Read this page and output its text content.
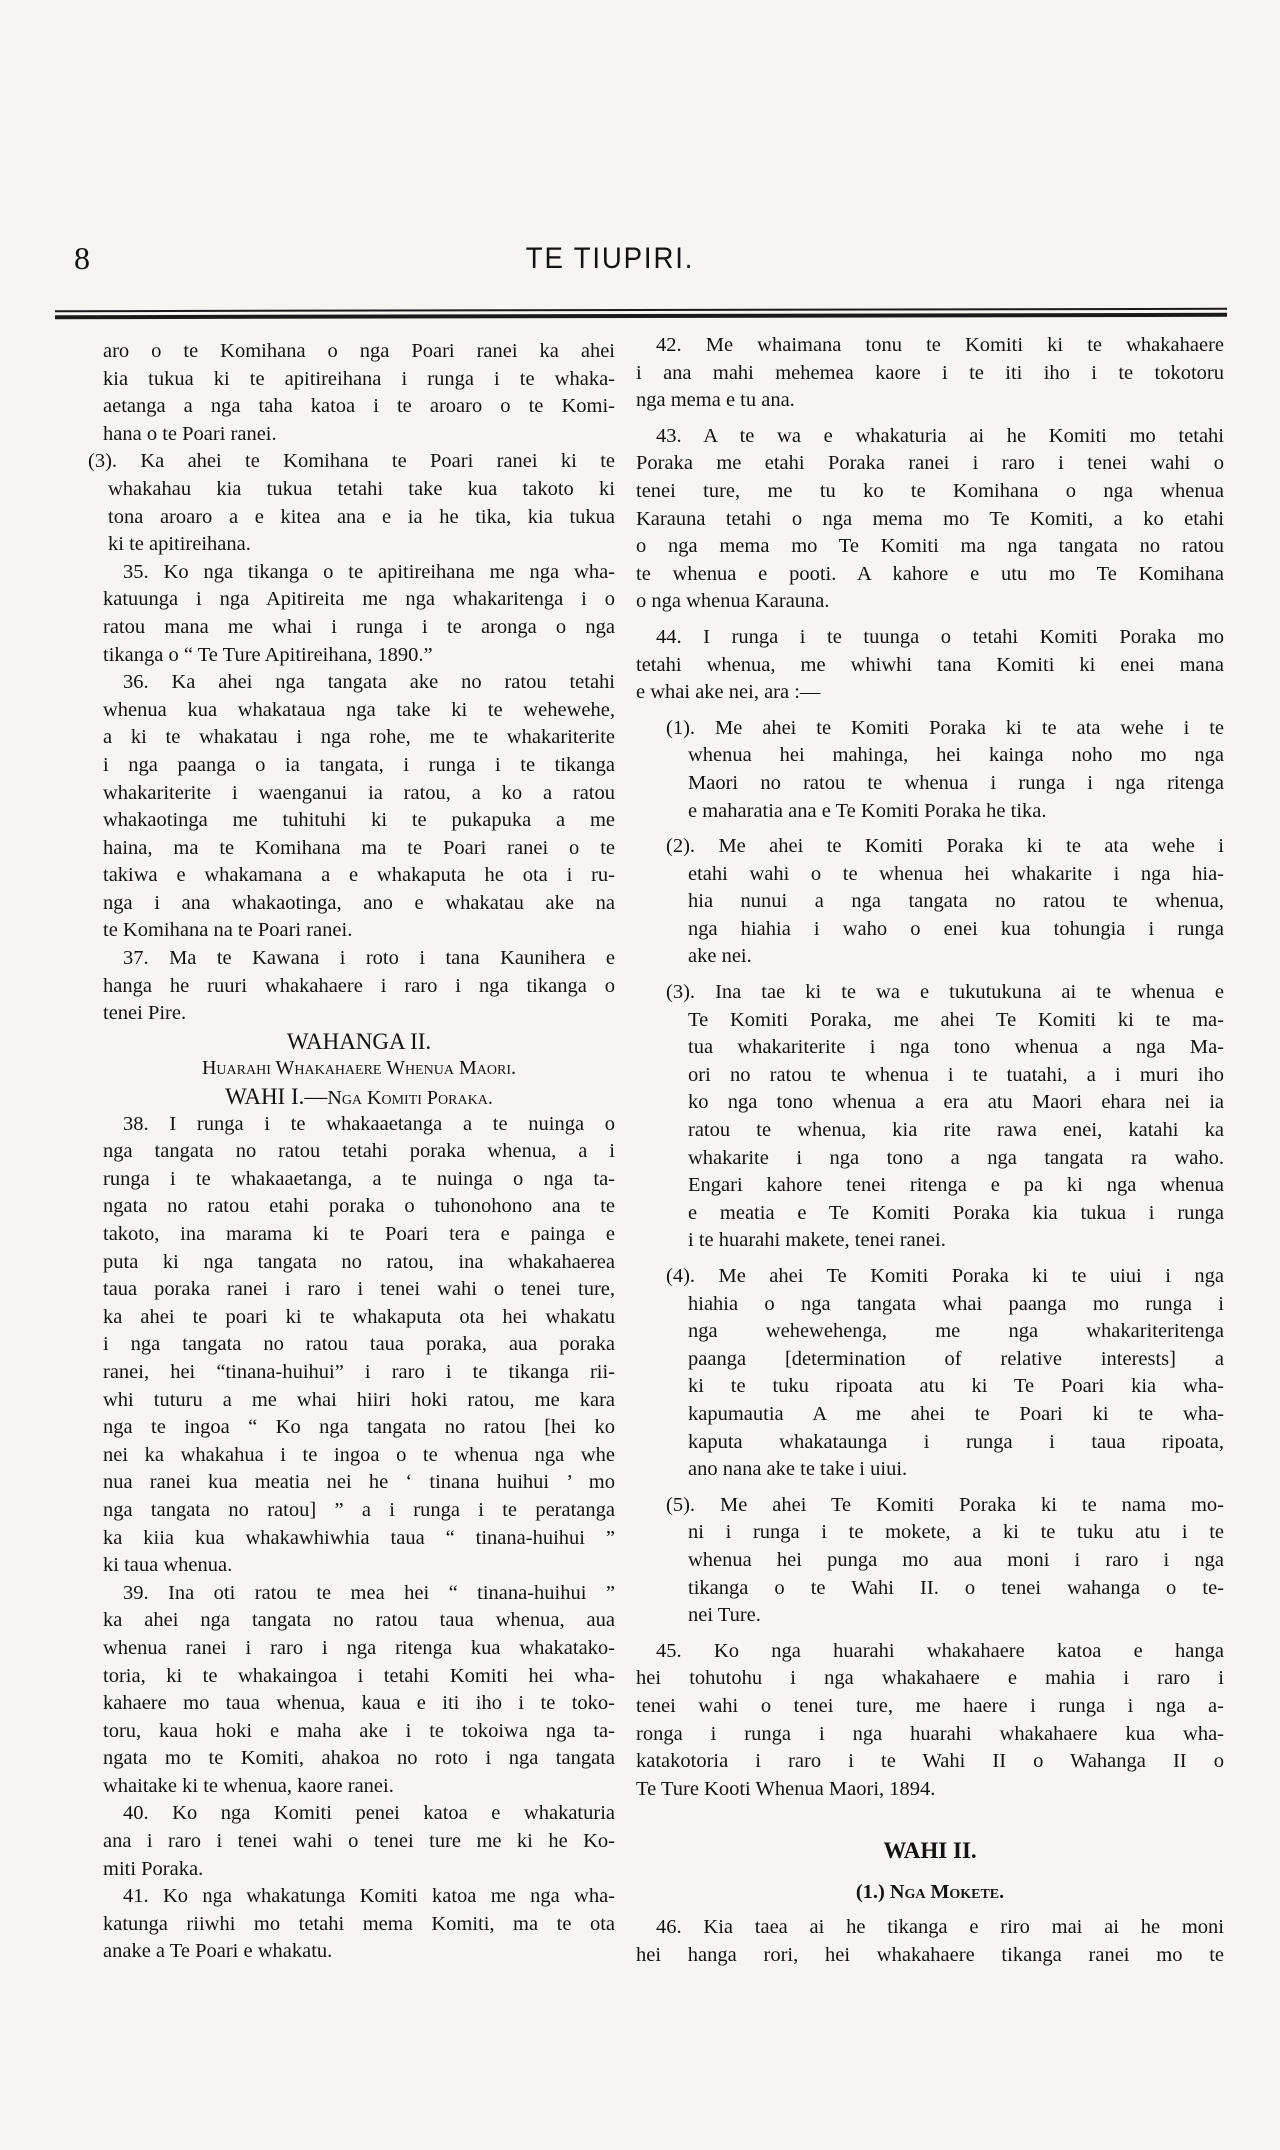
8	TE TIUPIRI.
aro o te Komihana o nga Poari ranei ka ahei
kia tukua ki te apitireihana i runga i te whaka-
aetanga a nga taha katoa i te aroaro o te Komi-
hana o te Poari ranei.
(3). Ka ahei te Komihana te Poari ranei ki te
whakahau kia tukua tetahi take kua takoto ki
tona aroaro a e kitea ana e ia he tika, kia tukua
ki te apitireihana.
35. Ko nga tikanga o te apitireihana me nga wha-
katuunga i nga Apitireita me nga whakaritenga i o
ratou mana me whai i runga i te aronga o nga
tikanga o “ Te Ture Apitireihana, 1890.”
36. Ka ahei nga tangata ake no ratou tetahi
whenua kua whakataua nga take ki te wehewehe,
a ki te whakatau i nga rohe, me te whakariterite
i nga paanga o ia tangata, i runga i te tikanga
whakariterite i waenganui ia ratou, a ko a ratou
whakaotinga me tuhituhi ki te pukapuka a me
haina, ma te Komihana ma te Poari ranei o te
takiwa e whakamana a e whakaputa he ota i ru-
nga i ana whakaotinga, ano e whakatau ake na
te Komihana na te Poari ranei.
37. Ma te Kawana i roto i tana Kaunihera e
hanga he ruuri whakahaere i raro i nga tikanga o
tenei Pire.
WAHANGA II.
Huarahi Whakahaere Whenua Maori.
WAHI I.—Nga Komiti Poraka.
38. I runga i te whakaaetanga a te nuinga o
nga tangata no ratou tetahi poraka whenua, a i
runga i te whakaaetanga, a te nuinga o nga ta-
ngata no ratou etahi poraka o tuhonohono ana te
takoto, ina marama ki te Poari tera e painga e
puta ki nga tangata no ratou, ina whakahaerea
taua poraka ranei i raro i tenei wahi o tenei ture,
ka ahei te poari ki te whakaputa ota hei whakatu
i nga tangata no ratou taua poraka, aua poraka
ranei, hei “tinana-huihui” i raro i te tikanga rii-
whi tuturu a me whai hiiri hoki ratou, me kara
nga te ingoa “ Ko nga tangata no ratou [hei ko
nei ka whakahua i te ingoa o te whenua nga whe
nua ranei kua meatia nei he ‘ tinana huihui ’ mo
nga tangata no ratou] ” a i runga i te peratanga
ka kiia kua whakawhiwhia taua “ tinana-huihui ”
ki taua whenua.
39. Ina oti ratou te mea hei “ tinana-huihui ”
ka ahei nga tangata no ratou taua whenua, aua
whenua ranei i raro i nga ritenga kua whakatako-
toria, ki te whakaingoa i tetahi Komiti hei wha-
kahaere mo taua whenua, kaua e iti iho i te toko-
toru, kaua hoki e maha ake i te tokoiwa nga ta-
ngata mo te Komiti, ahakoa no roto i nga tangata
whaitake ki te whenua, kaore ranei.
40. Ko nga Komiti penei katoa e whakaturia
ana i raro i tenei wahi o tenei ture me ki he Ko-
miti Poraka.
41. Ko nga whakatunga Komiti katoa me nga wha-
katunga riiwhi mo tetahi mema Komiti, ma te ota
anake a Te Poari e whakatu.
42. Me whaimana tonu te Komiti ki te whakahaere
i ana mahi mehemea kaore i te iti iho i te tokotoru
nga mema e tu ana.
43. A te wa e whakaturia ai he Komiti mo tetahi
Poraka me etahi Poraka ranei i raro i tenei wahi o
tenei ture, me tu ko te Komihana o nga whenua
Karauna tetahi o nga mema mo Te Komiti, a ko etahi
o nga mema mo Te Komiti ma nga tangata no ratou
te whenua e pooti. A kahore e utu mo Te Komihana
o nga whenua Karauna.
44. I runga i te tuunga o tetahi Komiti Poraka mo
tetahi whenua, me whiwhi tana Komiti ki enei mana
e whai ake nei, ara :—
(1). Me ahei te Komiti Poraka ki te ata wehe i te
whenua hei mahinga, hei kainga noho mo nga
Maori no ratou te whenua i runga i nga ritenga
e maharatia ana e Te Komiti Poraka he tika.
(2). Me ahei te Komiti Poraka ki te ata wehe i
etahi wahi o te whenua hei whakarite i nga hia-
hia nunui a nga tangata no ratou te whenua,
nga hiahia i waho o enei kua tohungia i runga
ake nei.
(3). Ina tae ki te wa e tukutukuna ai te whenua e
Te Komiti Poraka, me ahei Te Komiti ki te ma-
tua whakariterite i nga tono whenua a nga Ma-
ori no ratou te whenua i te tuatahi, a i muri iho
ko nga tono whenua a era atu Maori ehara nei ia
ratou te whenua, kia rite rawa enei, katahi ka
whakarite i nga tono a nga tangata ra waho.
Engari kahore tenei ritenga e pa ki nga whenua
e meatia e Te Komiti Poraka kia tukua i runga
i te huarahi makete, tenei ranei.
(4). Me ahei Te Komiti Poraka ki te uiui i nga
hiahia o nga tangata whai paanga mo runga i
nga wehewehenga, me nga whakariteritenga
paanga [determination of relative interests] a
ki te tuku ripoata atu ki Te Poari kia wha-
kapumautia A me ahei te Poari ki te wha-
kaputa whakataunga i runga i taua ripoata,
ano nana ake te take i uiui.
(5). Me ahei Te Komiti Poraka ki te nama mo-
ni i runga i te mokete, a ki te tuku atu i te
whenua hei punga mo aua moni i raro i nga
tikanga o te Wahi II. o tenei wahanga o te-
nei Ture.
45. Ko nga huarahi whakahaere katoa e hanga
hei tohutohu i nga whakahaere e mahia i raro i
tenei wahi o tenei ture, me haere i runga i nga a-
ronga i runga i nga huarahi whakahaere kua wha-
katakotoria i raro i te Wahi II o Wahanga II o
Te Ture Kooti Whenua Maori, 1894.
WAHI II.
(1.) Nga Mokete.
46. Kia taea ai he tikanga e riro mai ai he moni
hei hanga rori, hei whakahaere tikanga ranei mo te
